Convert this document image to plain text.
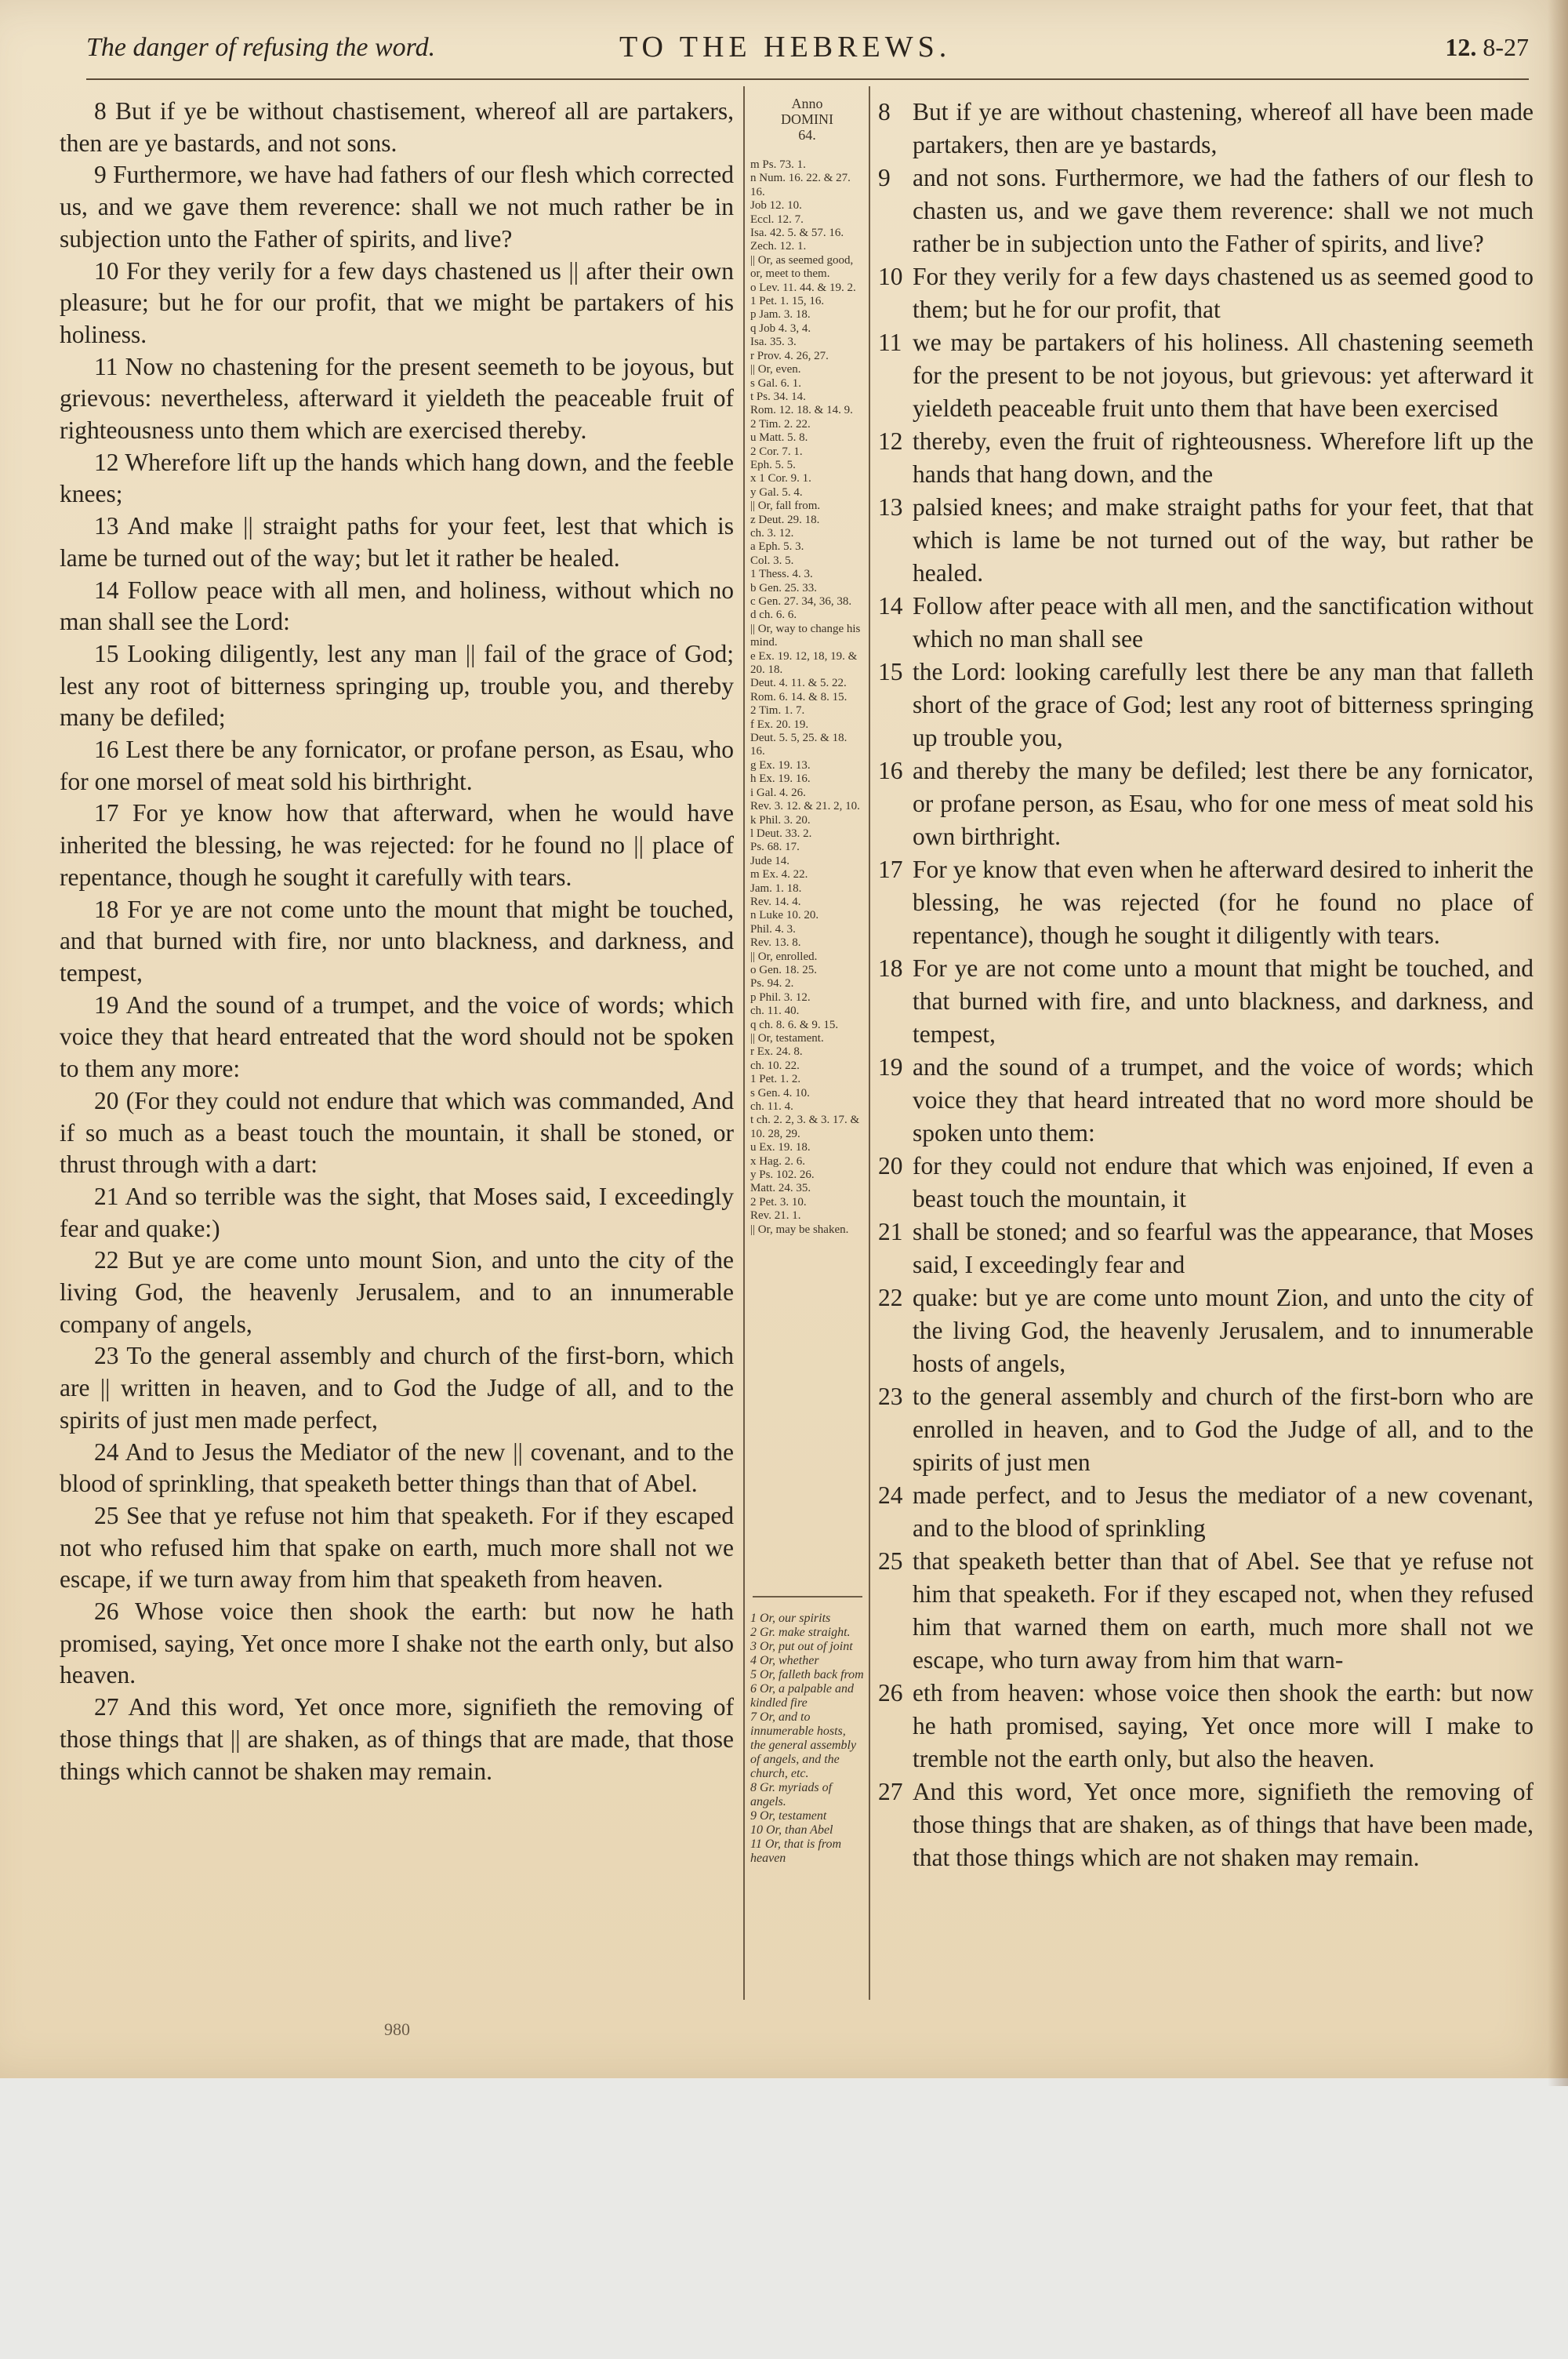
The danger of refusing the word.	TO THE HEBREWS.	12. 8-27

8 But if ye be without chastisement, whereof all are partakers, then are ye bastards, and not sons.

9 Furthermore, we have had fathers of our flesh which corrected us, and we gave them reverence: shall we not much rather be in subjection unto the Father of spirits, and live?

10 For they verily for a few days chastened us || after their own pleasure; but he for our profit, that we might be partakers of his holiness.

11 Now no chastening for the present seemeth to be joyous, but grievous: nevertheless, afterward it yieldeth the peaceable fruit of righteousness unto them which are exercised thereby.

12 Wherefore lift up the hands which hang down, and the feeble knees;

13 And make || straight paths for your feet, lest that which is lame be turned out of the way; but let it rather be healed.

14 Follow peace with all men, and holiness, without which no man shall see the Lord:

15 Looking diligently, lest any man || fail of the grace of God; lest any root of bitterness springing up, trouble you, and thereby many be defiled;

16 Lest there be any fornicator, or profane person, as Esau, who for one morsel of meat sold his birthright.

17 For ye know how that afterward, when he would have inherited the blessing, he was rejected: for he found no || place of repentance, though he sought it carefully with tears.

18 For ye are not come unto the mount that might be touched, and that burned with fire, nor unto blackness, and darkness, and tempest,

19 And the sound of a trumpet, and the voice of words; which voice they that heard entreated that the word should not be spoken to them any more:

20 (For they could not endure that which was commanded, And if so much as a beast touch the mountain, it shall be stoned, or thrust through with a dart:

21 And so terrible was the sight, that Moses said, I exceedingly fear and quake:)

22 But ye are come unto mount Sion, and unto the city of the living God, the heavenly Jerusalem, and to an innumerable company of angels,

23 To the general assembly and church of the first-born, which are || written in heaven, and to God the Judge of all, and to the spirits of just men made perfect,

24 And to Jesus the Mediator of the new || covenant, and to the blood of sprinkling, that speaketh better things than that of Abel.

25 See that ye refuse not him that speaketh. For if they escaped not who refused him that spake on earth, much more shall not we escape, if we turn away from him that speaketh from heaven.

26 Whose voice then shook the earth: but now he hath promised, saying, Yet once more I shake not the earth only, but also heaven.

27 And this word, Yet once more, signifieth the removing of those things that || are shaken, as of things that are made, that those things which cannot be shaken may remain.

Anno
DOMINI
64.
m Ps. 73. 1.
n Num. 16. 22. & 27. 16.
Job 12. 10.
Eccl. 12. 7.
Isa. 42. 5. & 57. 16.
Zech. 12. 1.
|| Or, as seemed good, or, meet to them.
o Lev. 11. 44. & 19. 2.
1 Pet. 1. 15, 16.
p Jam. 3. 18.
q Job 4. 3, 4.
Isa. 35. 3.
r Prov. 4. 26, 27.
|| Or, even.
s Gal. 6. 1.
t Ps. 34. 14.
Rom. 12. 18. & 14. 9.
2 Tim. 2. 22.
u Matt. 5. 8.
2 Cor. 7. 1.
Eph. 5. 5.
x 1 Cor. 9. 1.
y Gal. 5. 4.
|| Or, fall from.
z Deut. 29. 18.
ch. 3. 12.
a Eph. 5. 3.
Col. 3. 5.
1 Thess. 4. 3.
b Gen. 25. 33.
c Gen. 27. 34, 36, 38.
d ch. 6. 6.
|| Or, way to change his mind.
e Ex. 19. 12, 18, 19. & 20. 18.
Deut. 4. 11. & 5. 22.
Rom. 6. 14. & 8. 15.
2 Tim. 1. 7.
f Ex. 20. 19.
Deut. 5. 5, 25. & 18. 16.
g Ex. 19. 13.
h Ex. 19. 16.
i Gal. 4. 26.
Rev. 3. 12. & 21. 2, 10.
k Phil. 3. 20.
l Deut. 33. 2.
Ps. 68. 17.
Jude 14.
m Ex. 4. 22.
Jam. 1. 18.
Rev. 14. 4.
n Luke 10. 20.
Phil. 4. 3.
Rev. 13. 8.
|| Or, enrolled.
o Gen. 18. 25.
Ps. 94. 2.
p Phil. 3. 12.
ch. 11. 40.
q ch. 8. 6. & 9. 15.
|| Or, testament.
r Ex. 24. 8.
ch. 10. 22.
1 Pet. 1. 2.
s Gen. 4. 10.
ch. 11. 4.
t ch. 2. 2, 3. & 3. 17. & 10. 28, 29.
u Ex. 19. 18.
x Hag. 2. 6.
y Ps. 102. 26.
Matt. 24. 35.
2 Pet. 3. 10.
Rev. 21. 1.
|| Or, may be shaken.
1 Or, our spirits
2 Gr. make straight.
3 Or, put out of joint
4 Or, whether
5 Or, falleth back from
6 Or, a palpable and kindled fire
7 Or, and to innumerable hosts, the general assembly of angels, and the church, etc.
8 Gr. myriads of angels.
9 Or, testament
10 Or, than Abel
11 Or, that is from heaven

8 But if ye are without chastening, whereof all have been made partakers, then are ye bastards,

9 and not sons. Furthermore, we had the fathers of our flesh to chasten us, and we gave them reverence: shall we not much rather be in subjection unto the Father of spirits, and live?

10 For they verily for a few days chastened us as seemed good to them; but he for our profit, that

11 we may be partakers of his holiness. All chastening seemeth for the present to be not joyous, but grievous: yet afterward it yieldeth peaceable fruit unto them that have been exercised

12 thereby, even the fruit of righteousness. Wherefore lift up the hands that hang down, and the

13 palsied knees; and make straight paths for your feet, that that which is lame be not turned out of the way, but rather be healed.

14 Follow after peace with all men, and the sanctification without which no man shall see

15 the Lord: looking carefully lest there be any man that falleth short of the grace of God; lest any root of bitterness springing up trouble you,

16 and thereby the many be defiled; lest there be any fornicator, or profane person, as Esau, who for one mess of meat sold his own birthright.

17 For ye know that even when he afterward desired to inherit the blessing, he was rejected (for he found no place of repentance), though he sought it diligently with tears.

18 For ye are not come unto a mount that might be touched, and that burned with fire, and unto blackness, and darkness, and tempest,

19 and the sound of a trumpet, and the voice of words; which voice they that heard intreated that no word more should be spoken unto them:

20 for they could not endure that which was enjoined, If even a beast touch the mountain, it

21 shall be stoned; and so fearful was the appearance, that Moses said, I exceedingly fear and

22 quake: but ye are come unto mount Zion, and unto the city of the living God, the heavenly Jerusalem, and to innumerable hosts of angels,

23 to the general assembly and church of the first-born who are enrolled in heaven, and to God the Judge of all, and to the spirits of just men

24 made perfect, and to Jesus the mediator of a new covenant, and to the blood of sprinkling

25 that speaketh better than that of Abel. See that ye refuse not him that speaketh. For if they escaped not, when they refused him that warned them on earth, much more shall not we escape, who turn away from him that warn-

26 eth from heaven: whose voice then shook the earth: but now he hath promised, saying, Yet once more will I make to tremble not the earth only, but also the heaven.

27 And this word, Yet once more, signifieth the removing of those things that are shaken, as of things that have been made, that those things which are not shaken may remain.

980
